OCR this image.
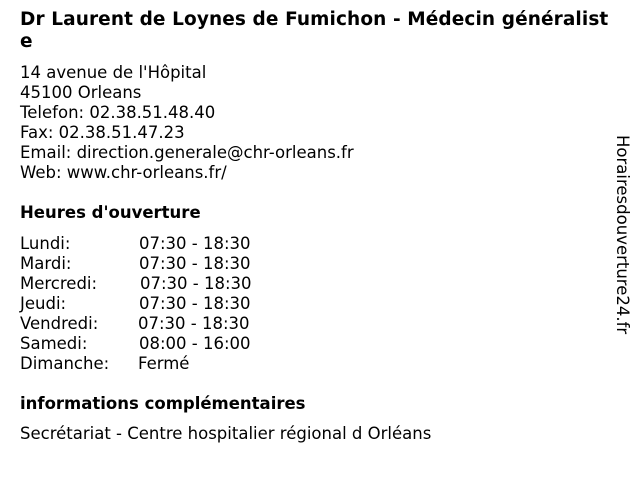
Dr Laurent de Loynes de Fumichon - Médecin généraliste
14 avenue de l'Hôpital
45100 Orleans
Telefon: 02.38.51.48.40
Fax: 02.38.51.47.23
Email: direction.generale@chr-orleans.fr
Web: www.chr-orleans.fr/
Heures d'ouverture
Lundi:	07:30 - 18:30
Mardi:	07:30 - 18:30
Mercredi:	07:30 - 18:30
Jeudi:	07:30 - 18:30
Vendredi: 07:30 - 18:30
Samedi:	08:00 - 16:00
Dimanche: Fermé
informations complémentaires
Secrétariat - Centre hospitalier régional d Orléans
Horairesdouverture24.fr
